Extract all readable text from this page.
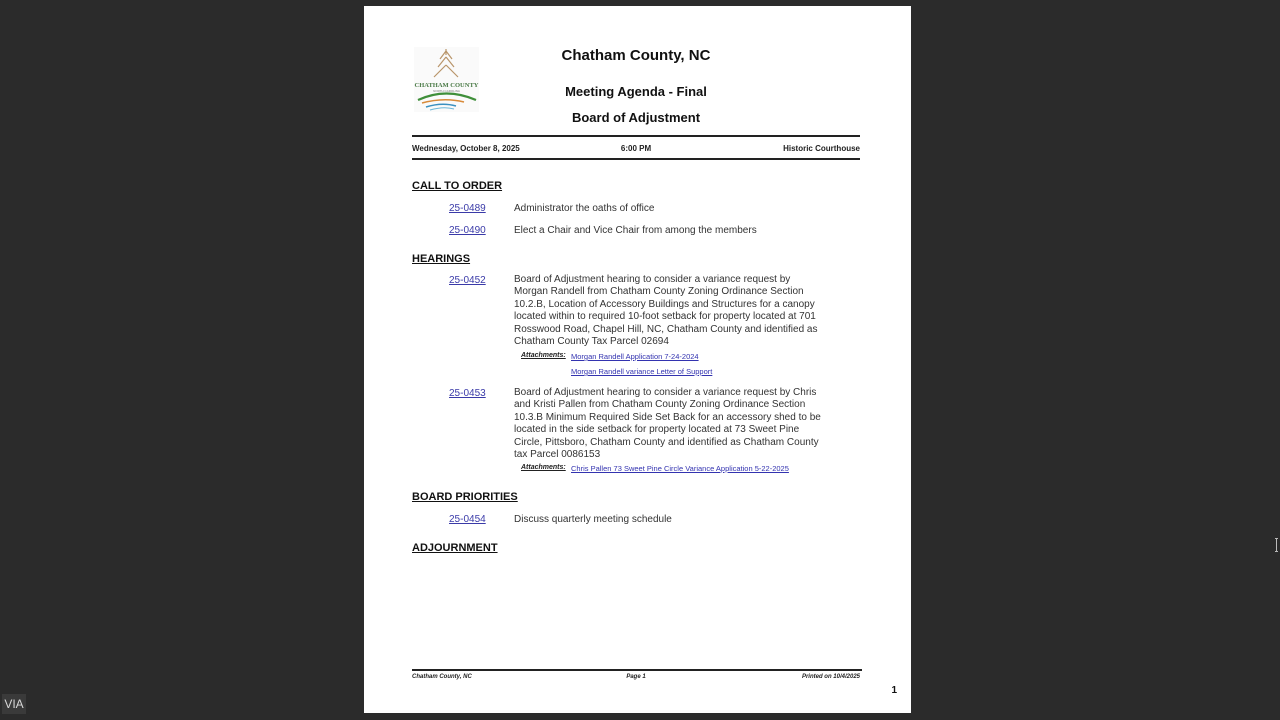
CHATHAM COUNTY
NORTH CAROLINA
Chatham County, NC
Meeting Agenda - Final
Board of Adjustment
Wednesday, October 8, 2025	6:00 PM	Historic Courthouse
CALL TO ORDER
25-0489	Administrator the oaths of office
25-0490	Elect a Chair and Vice Chair from among the members
HEARINGS
25-0452	Board of Adjustment hearing to consider a variance request by Morgan Randell from Chatham County Zoning Ordinance Section 10.2.B, Location of Accessory Buildings and Structures for a canopy located within to required 10-foot setback for property located at 701 Rosswood Road, Chapel Hill, NC, Chatham County and identified as Chatham County Tax Parcel 02694
Attachments: Morgan Randell Application 7-24-2024
Morgan Randell variance Letter of Support
25-0453	Board of Adjustment hearing to consider a variance request by Chris and Kristi Pallen from Chatham County Zoning Ordinance Section 10.3.B Minimum Required Side Set Back for an accessory shed to be located in the side setback for property located at 73 Sweet Pine Circle, Pittsboro, Chatham County and identified as Chatham County tax Parcel 0086153
Attachments: Chris Pallen 73 Sweet Pine Circle Variance Application 5-22-2025
BOARD PRIORITIES
25-0454	Discuss quarterly meeting schedule
ADJOURNMENT
Chatham County, NC	Page 1	Printed on 10/4/2025
1
VIA
